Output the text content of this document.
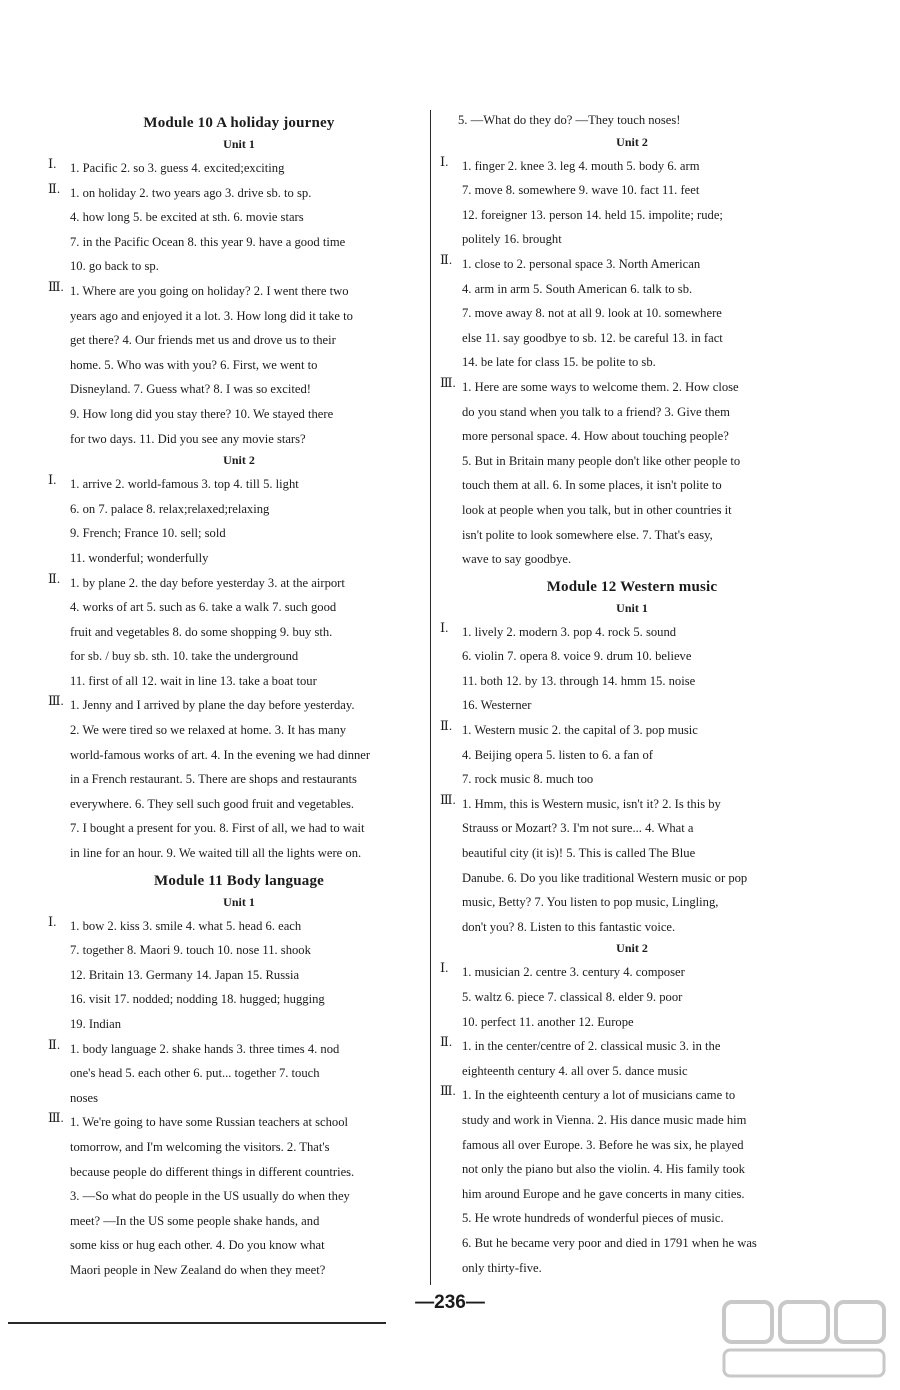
Module 10 A holiday journey
Unit 1
Ⅰ. 1. Pacific 2. so 3. guess 4. excited;exciting

Ⅱ. 1. on holiday 2. two years ago 3. drive sb. to sp.

4. how long 5. be excited at sth. 6. movie stars

7. in the Pacific Ocean 8. this year 9. have a good time

10. go back to sp.

Ⅲ. 1. Where are you going on holiday? 2. I went there two

years ago and enjoyed it a lot. 3. How long did it take to

get there? 4. Our friends met us and drove us to their

home. 5. Who was with you? 6. First, we went to

Disneyland. 7. Guess what? 8. I was so excited!

9. How long did you stay there? 10. We stayed there

for two days. 11. Did you see any movie stars?

Unit 2
Ⅰ. 1. arrive 2. world-famous 3. top 4. till 5. light

6. on 7. palace 8. relax;relaxed;relaxing

9. French; France 10. sell; sold

11. wonderful; wonderfully

Ⅱ. 1. by plane 2. the day before yesterday 3. at the airport

4. works of art 5. such as 6. take a walk 7. such good

fruit and vegetables 8. do some shopping 9. buy sth.

for sb. / buy sb. sth. 10. take the underground

11. first of all 12. wait in line 13. take a boat tour

Ⅲ. 1. Jenny and I arrived by plane the day before yesterday.

2. We were tired so we relaxed at home. 3. It has many

world-famous works of art. 4. In the evening we had dinner

in a French restaurant. 5. There are shops and restaurants

everywhere. 6. They sell such good fruit and vegetables.

7. I bought a present for you. 8. First of all, we had to wait

in line for an hour. 9. We waited till all the lights were on.

Module 11 Body language
Unit 1
Ⅰ. 1. bow 2. kiss 3. smile 4. what 5. head 6. each

7. together 8. Maori 9. touch 10. nose 11. shook

12. Britain 13. Germany 14. Japan 15. Russia

16. visit 17. nodded; nodding 18. hugged; hugging

19. Indian

Ⅱ. 1. body language 2. shake hands 3. three times 4. nod

one's head 5. each other 6. put... together 7. touch

noses

Ⅲ. 1. We're going to have some Russian teachers at school

tomorrow, and I'm welcoming the visitors. 2. That's

because people do different things in different countries.

3. —So what do people in the US usually do when they

meet? —In the US some people shake hands, and

some kiss or hug each other. 4. Do you know what

Maori people in New Zealand do when they meet?

5. —What do they do? —They touch noses!

Unit 2
Ⅰ. 1. finger 2. knee 3. leg 4. mouth 5. body 6. arm

7. move 8. somewhere 9. wave 10. fact 11. feet

12. foreigner 13. person 14. held 15. impolite; rude;

politely 16. brought

Ⅱ. 1. close to 2. personal space 3. North American

4. arm in arm 5. South American 6. talk to sb.

7. move away 8. not at all 9. look at 10. somewhere

else 11. say goodbye to sb. 12. be careful 13. in fact

14. be late for class 15. be polite to sb.

Ⅲ. 1. Here are some ways to welcome them. 2. How close

do you stand when you talk to a friend? 3. Give them

more personal space. 4. How about touching people?

5. But in Britain many people don't like other people to

touch them at all. 6. In some places, it isn't polite to

look at people when you talk, but in other countries it

isn't polite to look somewhere else. 7. That's easy,

wave to say goodbye.

Module 12 Western music
Unit 1
Ⅰ. 1. lively 2. modern 3. pop 4. rock 5. sound

6. violin 7. opera 8. voice 9. drum 10. believe

11. both 12. by 13. through 14. hmm 15. noise

16. Westerner

Ⅱ. 1. Western music 2. the capital of 3. pop music

4. Beijing opera 5. listen to 6. a fan of

7. rock music 8. much too

Ⅲ. 1. Hmm, this is Western music, isn't it? 2. Is this by

Strauss or Mozart? 3. I'm not sure... 4. What a

beautiful city (it is)! 5. This is called The Blue

Danube. 6. Do you like traditional Western music or pop

music, Betty? 7. You listen to pop music, Lingling,

don't you? 8. Listen to this fantastic voice.

Unit 2
Ⅰ. 1. musician 2. centre 3. century 4. composer

5. waltz 6. piece 7. classical 8. elder 9. poor

10. perfect 11. another 12. Europe

Ⅱ. 1. in the center/centre of 2. classical music 3. in the

eighteenth century 4. all over 5. dance music

Ⅲ. 1. In the eighteenth century a lot of musicians came to

study and work in Vienna. 2. His dance music made him

famous all over Europe. 3. Before he was six, he played

not only the piano but also the violin. 4. His family took

him around Europe and he gave concerts in many cities.

5. He wrote hundreds of wonderful pieces of music.

6. But he became very poor and died in 1791 when he was

only thirty-five.

—236—
